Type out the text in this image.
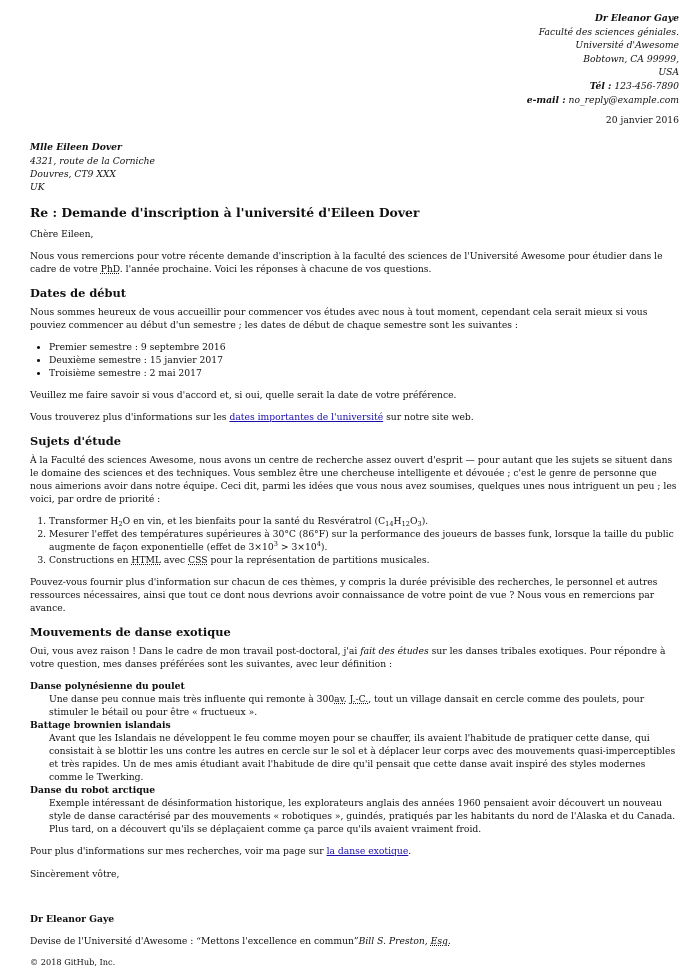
Dr Eleanor Gaye
Faculté des sciences géniales.
Université d'Awesome
Bobtown, CA 99999,
USA
Tél : 123-456-7890
e-mail : no_reply@example.com
20 janvier 2016
Mlle Eileen Dover
4321, route de la Corniche
Douvres, CT9 XXX
UK
Re : Demande d'inscription à l'université d'Eileen Dover

Chère Eileen,

Nous vous remercions pour votre récente demande d'inscription à la faculté des sciences de l'Université Awesome pour étudier dans le cadre de votre PhD. l'année prochaine. Voici les réponses à chacune de vos questions.

Dates de début

Nous sommes heureux de vous accueillir pour commencer vos études avec nous à tout moment, cependant cela serait mieux si vous pouviez commencer au début d'un semestre ; les dates de début de chaque semestre sont les suivantes :

• Premier semestre : 9 septembre 2016
• Deuxième semestre : 15 janvier 2017
• Troisième semestre : 2 mai 2017

Veuillez me faire savoir si vous d'accord et, si oui, quelle serait la date de votre préférence.

Vous trouverez plus d'informations sur les dates importantes de l'université sur notre site web.

Sujets d'étude

À la Faculté des sciences Awesome, nous avons un centre de recherche assez ouvert d'esprit — pour autant que les sujets se situent dans le domaine des sciences et des techniques. Vous semblez être une chercheuse intelligente et dévouée ; c'est le genre de personne que nous aimerions avoir dans notre équipe. Ceci dit, parmi les idées que vous nous avez soumises, quelques unes nous intriguent un peu ; les voici, par ordre de priorité :

1. Transformer $H_2O$ en vin, et les bienfaits pour la santé du Resvératrol $(C_{14}H_{12}O_3)$.
2. Mesurer l'effet des températures supérieures à 30°C (86°F) sur la performance des joueurs de basses funk, lorsque la taille du public augmente de façon exponentielle (effet de $3\times 10^3 > 3\times 10^4$).
3. Constructions en HTML avec CSS pour la représentation de partitions musicales.

Pouvez-vous fournir plus d'information sur chacun de ces thèmes, y compris la durée prévisible des recherches, le personnel et autres ressources nécessaires, ainsi que tout ce dont nous devrions avoir connaissance de votre point de vue ? Nous vous en remercions par avance.

Mouvements de danse exotique

Oui, vous avez raison ! Dans le cadre de mon travail post-doctoral, j'ai fait des études sur les danses tribales exotiques. Pour répondre à votre question, mes danses préférées sont les suivantes, avec leur définition :

Danse polynésienne du poulet
Une danse peu connue mais très influente qui remonte à 300av. J.-C., tout un village dansait en cercle comme des poulets, pour stimuler le bétail ou pour être « fructueux ».
Battage brownien islandais
Avant que les Islandais ne développent le feu comme moyen pour se chauffer, ils avaient l'habitude de pratiquer cette danse, qui consistait à se blottir les uns contre les autres en cercle sur le sol et à déplacer leur corps avec des mouvements quasi-imperceptibles et très rapides. Un de mes amis étudiant avait l'habitude de dire qu'il pensait que cette danse avait inspiré des styles modernes comme le Twerking.
Danse du robot arctique
Exemple intéressant de désinformation historique, les explorateurs anglais des années 1960 pensaient avoir découvert un nouveau style de danse caractérisé par des mouvements « robotiques », guindés, pratiqués par les habitants du nord de l'Alaska et du Canada. Plus tard, on a découvert qu'ils se déplaçaient comme ça parce qu'ils avaient vraiment froid.

Pour plus d'informations sur mes recherches, voir ma page sur la danse exotique.

Sincèrement vôtre,

Dr Eleanor Gaye

Devise de l'Université d'Awesome : “Mettons l'excellence en commun”Bill S. Preston, Esq.

© 2018 GitHub, Inc.
